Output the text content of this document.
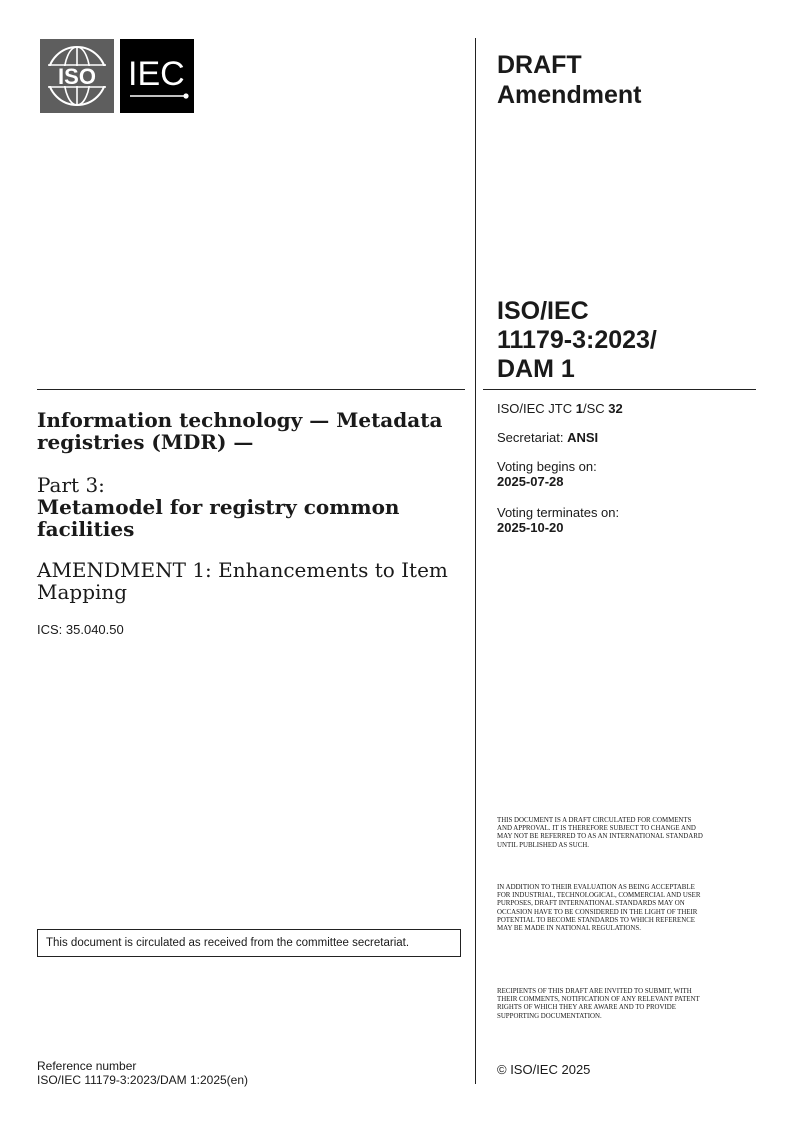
ISO IEC	DRAFT
Amendment
ISO/IEC
11179-3:2023/
DAM 1
ISO/IEC JTC 1/SC 32
Secretariat: ANSI
Voting begins on:
2025-07-28
Voting terminates on:
2025-10-20
Information technology — Metadata registries (MDR) —
Part 3:
Metamodel for registry common facilities
AMENDMENT 1: Enhancements to Item Mapping
ICS: 35.040.50
This document is circulated as received from the committee secretariat.
Reference number
ISO/IEC 11179-3:2023/DAM 1:2025(en)
THIS DOCUMENT IS A DRAFT CIRCULATED FOR COMMENTS AND APPROVAL. IT IS THEREFORE SUBJECT TO CHANGE AND MAY NOT BE REFERRED TO AS AN INTERNATIONAL STANDARD UNTIL PUBLISHED AS SUCH.
IN ADDITION TO THEIR EVALUATION AS BEING ACCEPTABLE FOR INDUSTRIAL, TECHNOLOGICAL, COMMERCIAL AND USER PURPOSES, DRAFT INTERNATIONAL STANDARDS MAY ON OCCASION HAVE TO BE CONSIDERED IN THE LIGHT OF THEIR POTENTIAL TO BECOME STANDARDS TO WHICH REFERENCE MAY BE MADE IN NATIONAL REGULATIONS.
RECIPIENTS OF THIS DRAFT ARE INVITED TO SUBMIT, WITH THEIR COMMENTS, NOTIFICATION OF ANY RELEVANT PATENT RIGHTS OF WHICH THEY ARE AWARE AND TO PROVIDE SUPPORTING DOCUMENTATION.
© ISO/IEC 2025
